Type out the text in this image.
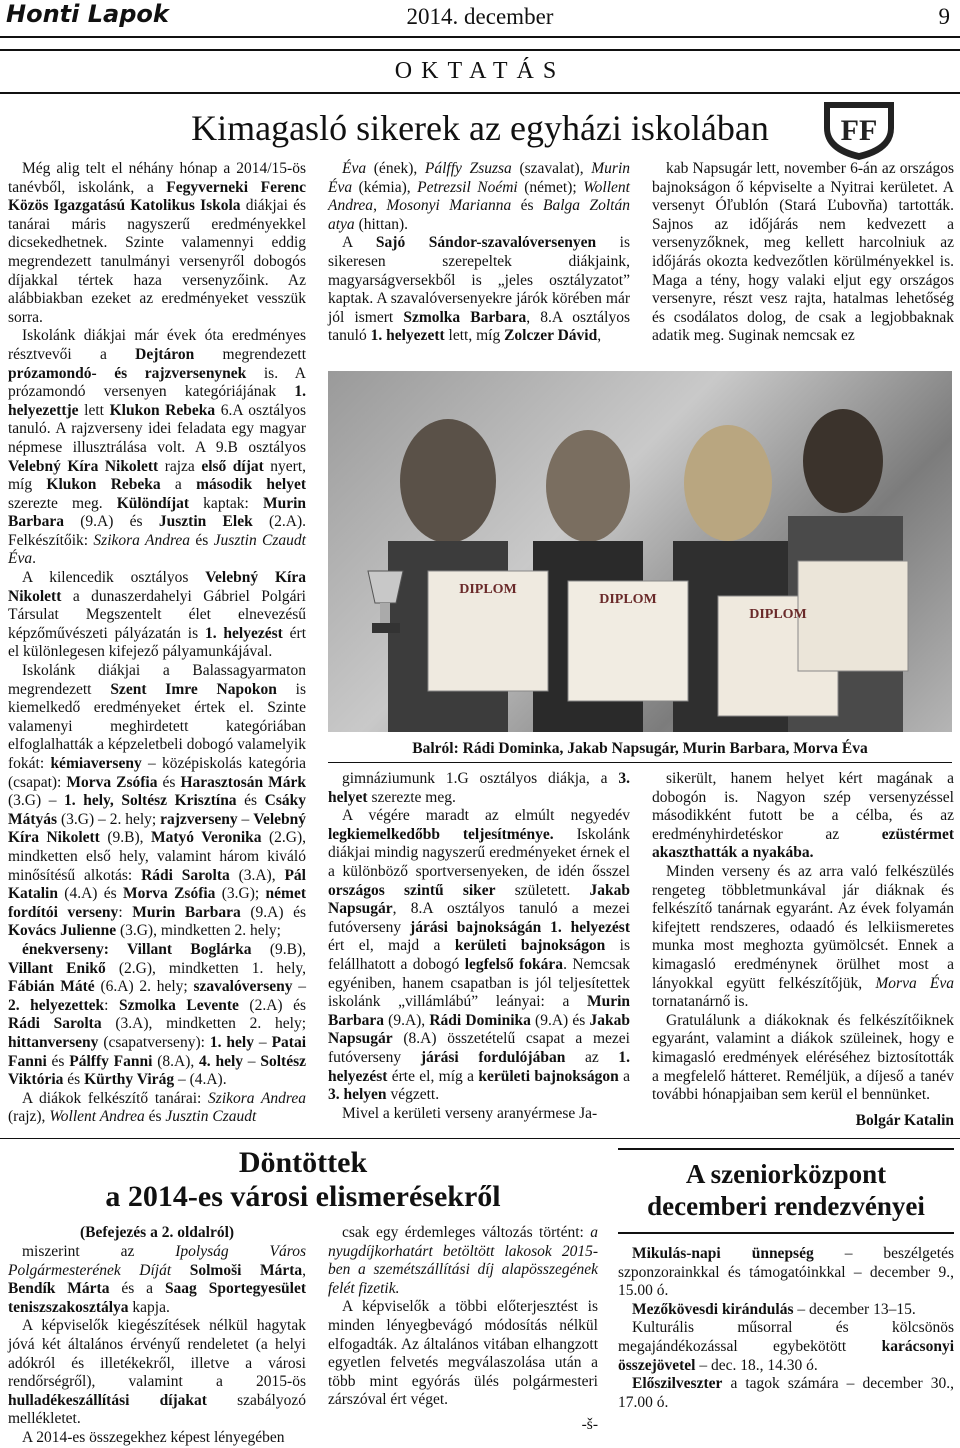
Honti Lapok	2014. december	9
OKTATÁS
Kimagasló sikerek az egyházi iskolában	FF

Még alig telt el néhány hónap a 2014/15-ös tanévből, iskolánk, a Fegyverneki Ferenc Közös Igazgatású Katolikus Iskola diákjai és tanárai máris nagyszerű eredményekkel dicsekedhetnek. Szinte valamennyi eddig megrendezett tanulmányi versenyről dobogós díjakkal tértek haza versenyzőink. Az alábbiakban ezeket az eredményeket vesszük sorra.

Iskolánk diákjai már évek óta eredményes résztvevői a Dejtáron megrendezett prózamondó- és rajzversenynek is. A prózamondó versenyen kategóriájának 1. helyezettje lett Klukon Rebeka 6.A osztályos tanuló. A rajzverseny idei feladata egy magyar népmese illusztrálása volt. A 9.B osztályos Velebný Kíra Nikolett rajza első díjat nyert, míg Klukon Rebeka a második helyet szerezte meg. Különdíjat kaptak: Murin Barbara (9.A) és Jusztin Elek (2.A). Felkészítőik: Szikora Andrea és Jusztin Czaudt Éva.

A kilencedik osztályos Velebný Kíra Nikolett a dunaszerdahelyi Gábriel Polgári Társulat Megszentelt élet elnevezésű képzőművészeti pályázatán is 1. helyezést ért el különlegesen kifejező pályamunkájával.

Iskolánk diákjai a Balassagyarmaton megrendezett Szent Imre Napokon is kiemelkedő eredményeket értek el. Szinte valamenyi meghirdetett kategóriában elfoglalhatták a képzeletbeli dobogó valamelyik fokát: kémiaverseny – középiskolás kategória (csapat): Morva Zsófia és Harasztosán Márk (3.G) – 1. hely, Soltész Krisztína és Csáky Mátyás (3.G) – 2. hely; rajzverseny – Velebný Kíra Nikolett (9.B), Matyó Veronika (2.G), mindketten első hely, valamint három kiváló minősítésű alkotás: Rádi Sarolta (3.A), Pál Katalin (4.A) és Morva Zsófia (3.G); német fordítói verseny: Murin Barbara (9.A) és Kovács Julienne (3.G), mindketten 2. hely;

énekverseny: Villant Boglárka (9.B), Villant Enikő (2.G), mindketten 1. hely, Fábián Máté (6.A) 2. hely; szavalóverseny – 2. helyezettek: Szmolka Levente (2.A) és Rádi Sarolta (3.A), mindketten 2. hely; hittanverseny (csapatverseny): 1. hely – Patai Fanni és Pálffy Fanni (8.A), 4. hely – Soltész Viktória és Kürthy Virág – (4.A).

A diákok felkészítő tanárai: Szikora Andrea (rajz), Wollent Andrea és Jusztin Czaudt

Éva (ének), Pálffy Zsuzsa (szavalat), Murin Éva (kémia), Petrezsil Noémi (német); Wollent Andrea, Mosonyi Marianna és Balga Zoltán atya (hittan).

A Sajó Sándor-szavalóversenyen is sikeresen szerepeltek diákjaink, magyarságversekből is „jeles osztályzatot” kaptak. A szavalóversenyekre járók körében már jól ismert Szmolka Barbara, 8.A osztályos tanuló 1. helyezett lett, míg Zolczer Dávid,

kab Napsugár lett, november 6-án az országos bajnokságon ő képviselte a Nyitrai kerületet. A versenyt Óľublón (Stará Ľubovňa) tartották. Sajnos az időjárás nem kedvezett a versenyzőknek, meg kellett harcolniuk az időjárás okozta kedvezőtlen körülményekkel is. Maga a tény, hogy valaki eljut egy országos versenyre, részt vesz rajta, hatalmas lehetőség és csodálatos dolog, de csak a legjobbaknak adatik meg. Suginak nemcsak ez

DIPLOM
DIPLOM
DIPLOM
Balról: Rádi Dominka, Jakab Napsugár, Murin Barbara, Morva Éva

gimnáziumunk 1.G osztályos diákja, a 3. helyet szerezte meg.

A végére maradt az elmúlt negyedév legkiemelkedőbb teljesítménye. Iskolánk diákjai mindig nagyszerű eredményeket érnek el a különböző sportversenyeken, de idén ősszel országos szintű siker született. Jakab Napsugár, 8.A osztályos tanuló a mezei futóverseny járási bajnokságán 1. helyezést ért el, majd a kerületi bajnokságon is felállhatott a dobogó legfelső fokára. Nemcsak egyéniben, hanem csapatban is jól teljesítettek iskolánk „villámlábú” leányai: a Murin Barbara (9.A), Rádi Dominika (9.A) és Jakab Napsugár (8.A) összetételű csapat a mezei futóverseny járási fordulójában az 1. helyezést érte el, míg a kerületi bajnokságon a 3. helyen végzett.

Mivel a kerületi verseny aranyérmese Ja-

sikerült, hanem helyet kért magának a dobogón is. Nagyon szép versenyzéssel másodikként futott be a célba, és az eredményhirdetéskor az ezüstérmet akaszthatták a nyakába.

Minden verseny és az arra való felkészülés rengeteg többletmunkával jár diáknak és felkészítő tanárnak egyaránt. Az évek folyamán kifejtett rendszeres, odaadó és lelkiismeretes munka most meghozta gyümölcsét. Ennek a kimagasló eredménynek örülhet most a lányokkal együtt felkészítőjük, Morva Éva tornatanárnő is.

Gratulálunk a diákoknak és felkészítőiknek egyaránt, valamint a diákok szüleinek, hogy e kimagasló eredmények eléréséhez biztosították a megfelelő hátteret. Reméljük, a díjeső a tanév további hónapjaiban sem kerül el bennünket.

Bolgár Katalin
Döntöttek
a 2014-es városi elismerésekről
(Befejezés a 2. oldalról)

miszerint az Ipolyság Város Polgármesterének Díját Solmoši Márta, Bendík Márta és a Saag Sportegyesület teniszszakosztálya kapja.

A képviselők kiegészítések nélkül hagytak jóvá két általános érvényű rendeletet (a helyi adókról és illetékekről, illetve a városi rendőrségről), valamint a 2015-ös hulladékeszállítási díjakat szabályozó mellékletet.

A 2014-es összegekhez képest lényegében

csak egy érdemleges változás történt: a nyugdíjkorhatárt betöltött lakosok 2015-ben a szemétszállítási díj alapösszegének felét fizetik.

A képviselők a többi előterjesztést is minden lényegbevágó módosítás nélkül elfogadták. Az általános vitában elhangzott egyetlen felvetés megválaszolása után a több mint egyórás ülés polgármesteri zárszóval ért véget.

-š-
A szeniorközpont
decemberi rendezvényei

Mikulás-napi ünnepség – beszélgetés szponzorainkkal és támogatóinkkal – december 9., 15.00 ó.

Mezőkövesdi kirándulás – december 13–15.

Kulturális műsorral és kölcsönös megajándékozással egybekötött karácsonyi összejövetel – dec. 18., 14.30 ó.

Előszilveszter a tagok számára – december 30., 17.00 ó.
